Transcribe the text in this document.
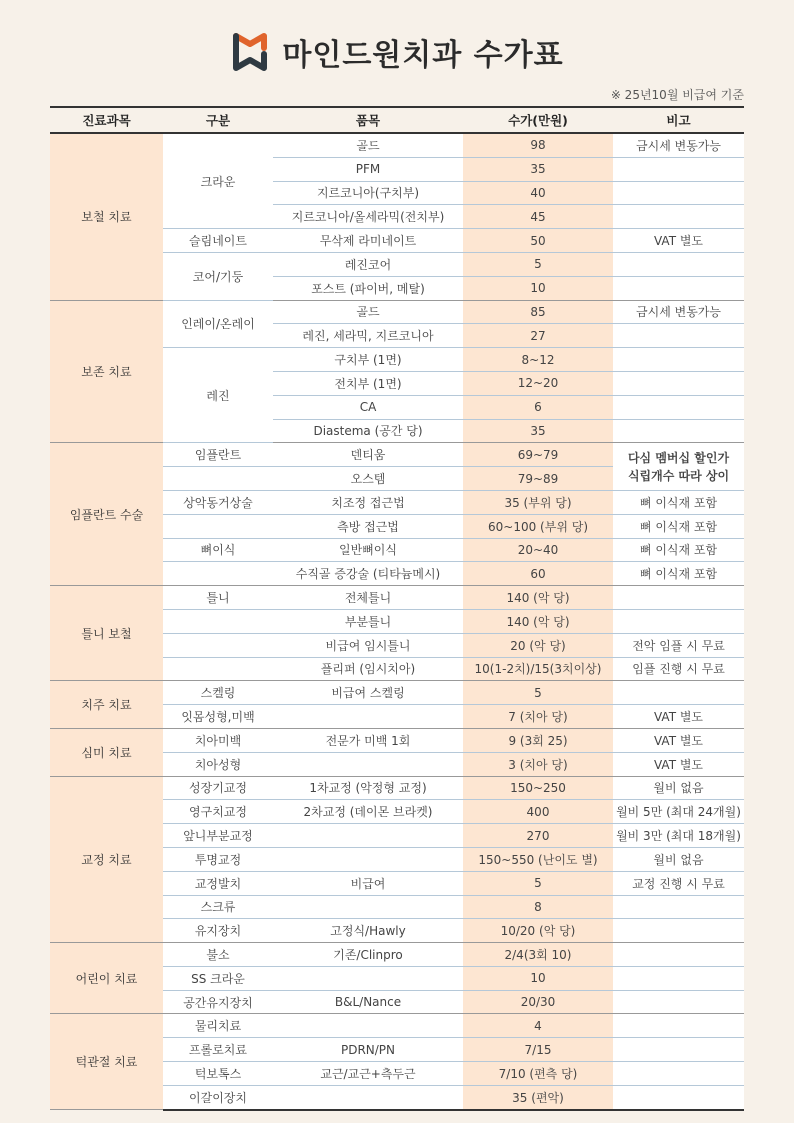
마인드원치과 수가표
※ 25년10월 비급여 기준
진료과목	구분	품목	수가(만원)	비고
보철 치료	크라운	골드	98	금시세 변동가능
		PFM	35	
		지르코니아(구치부)	40	
		지르코니아/올세라믹(전치부)	45	
	슬림네이트	무삭제 라미네이트	50	VAT 별도
	코어/기둥	레진코어	5	
		포스트 (파이버, 메탈)	10	
보존 치료	인레이/온레이	골드	85	금시세 변동가능
		레진, 세라믹, 지르코니아	27	
	레진	구치부 (1면)	8~12	
		전치부 (1면)	12~20	
		CA	6	
		Diastema (공간 당)	35	
임플란트 수술	임플란트	덴티움	69~79	다심 멤버십 할인가
식립개수 따라 상이
		오스템	79~89	
	상악동거상술	치조정 접근법	35 (부위 당)	뼈 이식재 포함
		측방 접근법	60~100 (부위 당)	뼈 이식재 포함
	뼈이식	일반뼈이식	20~40	뼈 이식재 포함
		수직골 증강술 (티타늄메시)	60	뼈 이식재 포함
틀니 보철	틀니	전체틀니	140 (악 당)	
		부분틀니	140 (악 당)	
		비급여 임시틀니	20 (악 당)	전악 임플 시 무료
		플리퍼 (임시치아)	10(1-2치)/15(3치이상)	임플 진행 시 무료
치주 치료	스켈링	비급여 스켈링	5	
	잇몸성형,미백		7 (치아 당)	VAT 별도
심미 치료	치아미백	전문가 미백 1회	9 (3회 25)	VAT 별도
	치아성형		3 (치아 당)	VAT 별도
교정 치료	성장기교정	1차교정 (악정형 교정)	150~250	월비 없음
	영구치교정	2차교정 (데이몬 브라켓)	400	월비 5만 (최대 24개월)
	앞니부분교정		270	월비 3만 (최대 18개월)
	투명교정		150~550 (난이도 별)	월비 없음
	교정발치	비급여	5	교정 진행 시 무료
	스크류		8	
	유지장치	고정식/Hawly	10/20 (악 당)	
어린이 치료	불소	기존/Clinpro	2/4(3회 10)	
	SS 크라운		10	
	공간유지장치	B&L/Nance	20/30	
턱관절 치료	물리치료		4	
	프롤로치료	PDRN/PN	7/15	
	턱보톡스	교근/교근+측두근	7/10 (편측 당)	
	이갈이장치		35 (편악)	
